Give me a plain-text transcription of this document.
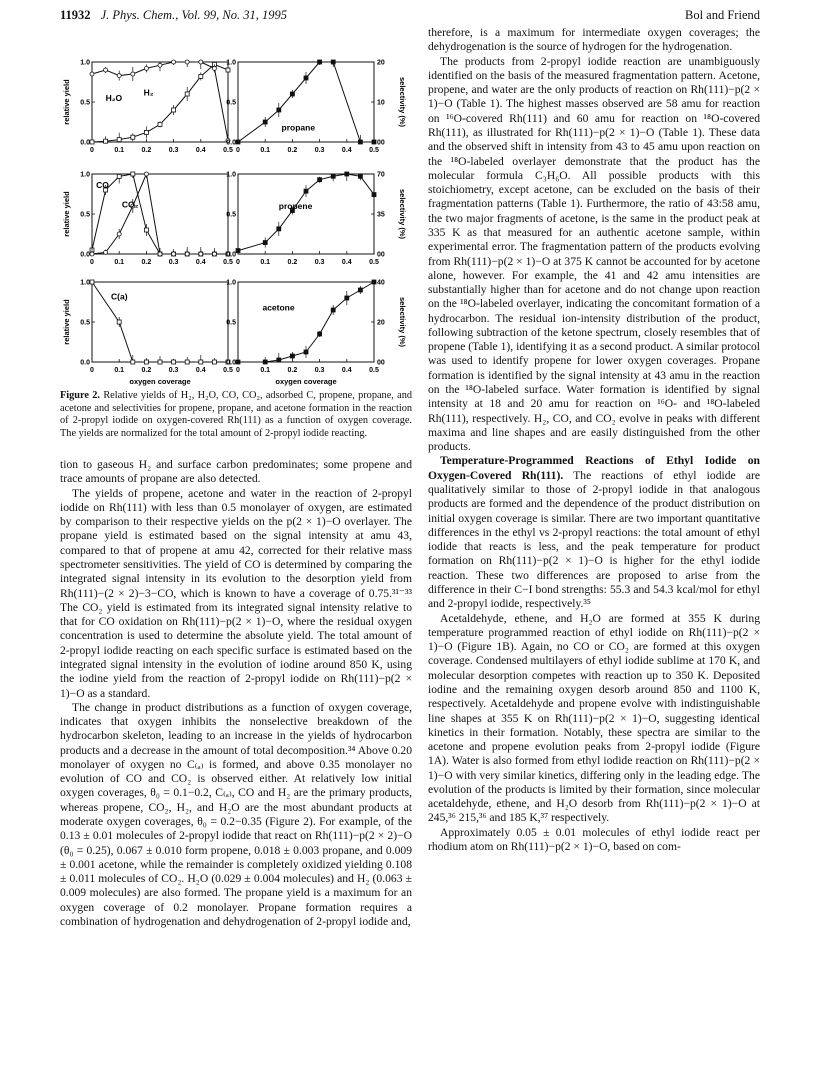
11932 J. Phys. Chem., Vol. 99, No. 31, 1995	Bol and Friend
0	0.1 0.2 0.3 0.4 0.5
0.0
0.5
1.0
relative yield	H₂O
H₂
0	0.1 0.2 0.3 0.4 0.5
0.0
0.5
1.0
00
10
20
selectivity (%)
propane
0	0.1 0.2 0.3 0.4 0.5
0.0
0.5
1.0
relative yield
CO
CO₂
0	0.1 0.2 0.3 0.4 0.5
0.0
0.5
1.0
00
35
70
selectivity (%)
propene
0	0.1 0.2 0.3 0.4 0.5
0.0
0.5
1.0
relative yield
oxygen coverage
C(a)
0	0.1 0.2 0.3 0.4 0.5
0.0
0.5
1.0
00
20
40
selectivity (%)
oxygen coverage
acetone
Figure 2. Relative yields of H₂, H₂O, CO, CO₂, adsorbed C, propene, propane, and acetone and selectivities for propene, propane, and acetone formation in the reaction of 2-propyl iodide on oxygen-covered Rh(111) as a function of oxygen coverage. The yields are normalized for the total amount of 2-propyl iodide reacting.

tion to gaseous H₂ and surface carbon predominates; some propene and trace amounts of propane are also detected.

The yields of propene, acetone and water in the reaction of 2-propyl iodide on Rh(111) with less than 0.5 monolayer of oxygen, are estimated by comparison to their respective yields on the p(2 × 1)−O overlayer. The propane yield is estimated based on the signal intensity at amu 43, compared to that of propene at amu 42, corrected for their relative mass spectrometer sensitivities. The yield of CO is determined by comparing the integrated signal intensity in its evolution to the desorption yield from Rh(111)−(2 × 2)−3−CO, which is known to have a coverage of 0.75.³¹⁻³³ The CO₂ yield is estimated from its integrated signal intensity relative to that for CO oxidation on Rh(111)−p(2 × 1)−O, where the residual oxygen concentration is used to determine the absolute yield. The total amount of 2-propyl iodide reacting on each specific surface is estimated based on the integrated signal intensity in the evolution of iodine around 850 K, using the iodine yield from the reaction of 2-propyl iodide on Rh(111)−p(2 × 1)−O as a standard.

The change in product distributions as a function of oxygen coverage, indicates that oxygen inhibits the nonselective breakdown of the hydrocarbon skeleton, leading to an increase in the yields of hydrocarbon products and a decrease in the amount of total decomposition.³⁴ Above 0.20 monolayer of oxygen no C₍ₐ₎ is formed, and above 0.35 monolayer no evolution of CO and CO₂ is observed either. At relatively low initial oxygen coverages, θ₀ = 0.1−0.2, C₍ₐ₎, CO and H₂ are the primary products, whereas propene, CO₂, H₂, and H₂O are the most abundant products at moderate oxygen coverages, θ₀ = 0.2−0.35 (Figure 2). For example, of the 0.13 ± 0.01 molecules of 2-propyl iodide that react on Rh(111)−p(2 × 2)−O (θ₀ = 0.25), 0.067 ± 0.010 form propene, 0.018 ± 0.003 propane, and 0.009 ± 0.001 acetone, while the remainder is completely oxidized yielding 0.108 ± 0.011 molecules of CO₂. H₂O (0.029 ± 0.004 molecules) and H₂ (0.063 ± 0.009 molecules) are also formed. The propane yield is a maximum for an oxygen coverage of 0.2 monolayer. Propane formation requires a combination of hydrogenation and dehydrogenation of 2-propyl iodide and,

therefore, is a maximum for intermediate oxygen coverages; the dehydrogenation is the source of hydrogen for the hydrogenation.

The products from 2-propyl iodide reaction are unambiguously identified on the basis of the measured fragmentation pattern. Acetone, propene, and water are the only products of reaction on Rh(111)−p(2 × 1)−O (Table 1). The highest masses observed are 58 amu for reaction on ¹⁶O-covered Rh(111) and 60 amu for reaction on ¹⁸O-covered Rh(111), as illustrated for Rh(111)−p(2 × 1)−O (Table 1). These data and the observed shift in intensity from 43 to 45 amu upon reaction on the ¹⁸O-labeled overlayer demonstrate that the product has the molecular formula C₃H₆O. All possible products with this stoichiometry, except acetone, can be excluded on the basis of their fragmentation patterns (Table 1). Furthermore, the ratio of 43:58 amu, the two major fragments of acetone, is the same in the product peak at 335 K as that measured for an authentic acetone sample, within experimental error. The fragmentation pattern of the products evolving from Rh(111)−p(2 × 1)−O at 375 K cannot be accounted for by acetone alone, however. For example, the 41 and 42 amu intensities are substantially higher than for acetone and do not change upon reaction on the ¹⁸O-labeled overlayer, indicating the concomitant formation of a hydrocarbon. The residual ion-intensity distribution of the product, following subtraction of the ketone spectrum, closely resembles that of propene (Table 1), identifying it as a second product. A similar protocol was used to identify propene for lower oxygen coverages. Propane formation is identified by the signal intensity at 43 amu in the reaction on the ¹⁸O-labeled surface. Water formation is identified by signal intensity at 18 and 20 amu for reaction on ¹⁶O- and ¹⁸O-labeled Rh(111), respectively. H₂, CO, and CO₂ evolve in peaks with different maxima and line shapes and are easily distinguished from the other products.

Temperature-Programmed Reactions of Ethyl Iodide on Oxygen-Covered Rh(111). The reactions of ethyl iodide are qualitatively similar to those of 2-propyl iodide in that analogous products are formed and the dependence of the product distribution on initial oxygen coverage is similar. There are two important quantitative differences in the ethyl vs 2-propyl reactions: the total amount of ethyl iodide that reacts is less, and the peak temperature for product formation on Rh(111)−p(2 × 1)−O is higher for the ethyl iodide reaction. These two differences are proposed to arise from the difference in their C−I bond strengths: 55.3 and 54.3 kcal/mol for ethyl and 2-propyl iodide, respectively.³⁵

Acetaldehyde, ethene, and H₂O are formed at 355 K during temperature programmed reaction of ethyl iodide on Rh(111)−p(2 × 1)−O (Figure 1B). Again, no CO or CO₂ are formed at this oxygen coverage. Condensed multilayers of ethyl iodide sublime at 170 K, and molecular desorption competes with reaction up to 350 K. Deposited iodine and the remaining oxygen desorb around 850 and 1100 K, respectively. Acetaldehyde and propene evolve with indistinguishable line shapes at 355 K on Rh(111)−p(2 × 1)−O, suggesting identical kinetics in their formation. Notably, these spectra are similar to the acetone and propene evolution peaks from 2-propyl iodide (Figure 1A). Water is also formed from ethyl iodide reaction on Rh(111)−p(2 × 1)−O with very similar kinetics, differing only in the leading edge. The evolution of the products is limited by their formation, since molecular acetaldehyde, ethene, and H₂O desorb from Rh(111)−p(2 × 1)−O at 245,³⁶ 215,³⁶ and 185 K,³⁷ respectively.

Approximately 0.05 ± 0.01 molecules of ethyl iodide react per rhodium atom on Rh(111)−p(2 × 1)−O, based on com-
